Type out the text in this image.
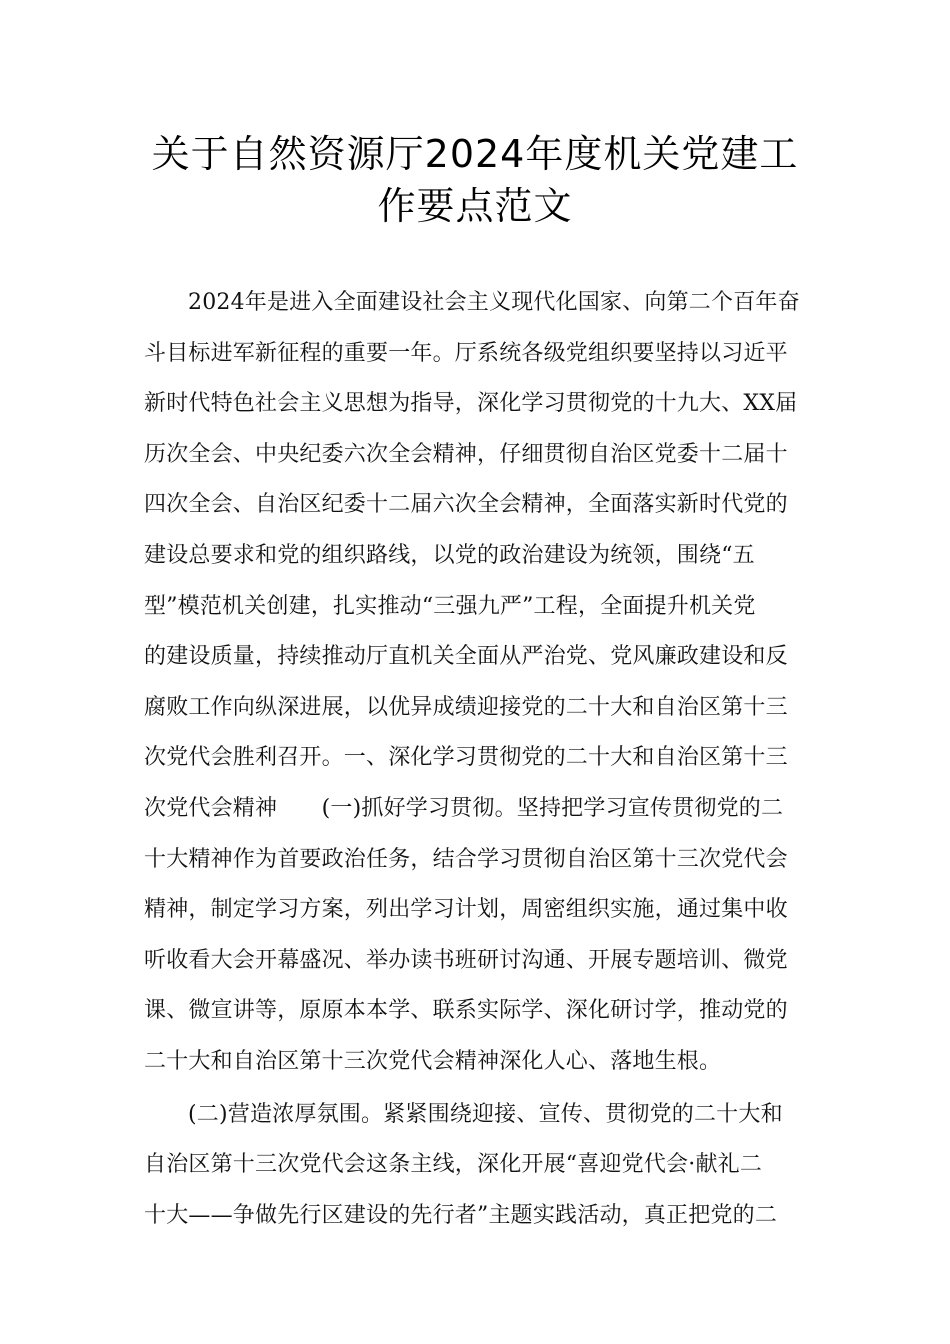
关于自然资源厅2024年度机关党建工
作要点范文
2024年是进入全面建设社会主义现代化国家、向第二个百年奋
斗目标进军新征程的重要一年。厅系统各级党组织要坚持以习近平
新时代特色社会主义思想为指导，深化学习贯彻党的十九大、XX届
历次全会、中央纪委六次全会精神，仔细贯彻自治区党委十二届十
四次全会、自治区纪委十二届六次全会精神，全面落实新时代党的
建设总要求和党的组织路线，以党的政治建设为统领，围绕“五
型”模范机关创建，扎实推动“三强九严”工程，全面提升机关党
的建设质量，持续推动厅直机关全面从严治党、党风廉政建设和反
腐败工作向纵深进展，以优异成绩迎接党的二十大和自治区第十三
次党代会胜利召开。一、深化学习贯彻党的二十大和自治区第十三
次党代会精神　　(一)抓好学习贯彻。坚持把学习宣传贯彻党的二
十大精神作为首要政治任务，结合学习贯彻自治区第十三次党代会
精神，制定学习方案，列出学习计划，周密组织实施，通过集中收
听收看大会开幕盛况、举办读书班研讨沟通、开展专题培训、微党
课、微宣讲等，原原本本学、联系实际学、深化研讨学，推动党的
二十大和自治区第十三次党代会精神深化人心、落地生根。
(二)营造浓厚氛围。紧紧围绕迎接、宣传、贯彻党的二十大和
自治区第十三次党代会这条主线，深化开展“喜迎党代会·献礼二
十大——争做先行区建设的先行者”主题实践活动，真正把党的二
